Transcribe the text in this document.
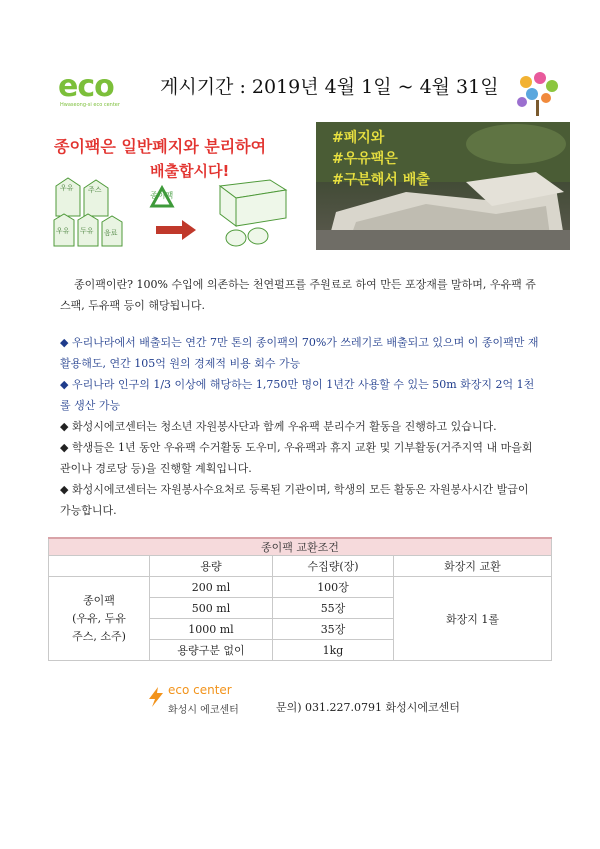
eco
Hwaseong-si eco center
게시기간 : 2019년 4월 1일 ~ 4월 31일
종이팩은 일반폐지와 분리하여
배출합시다!
우유 주스
우유 두유 음료
종이팩
#폐지와
#우유팩은
#구분해서 배출
종이팩이란? 100% 수입에 의존하는 천연펄프를 주원료로 하여 만든 포장재를 말하며, 우유팩 쥬스팩, 두유팩 등이 해당됩니다.
◆ 우리나라에서 배출되는 연간 7만 톤의 종이팩의 70%가 쓰레기로 배출되고 있으며 이 종이팩만 재활용해도, 연간 105억 원의 경제적 비용 회수 가능
◆ 우리나라 인구의 1/3 이상에 해당하는 1,750만 명이 1년간 사용할 수 있는 50m 화장지 2억 1천롤 생산 가능
◆ 화성시에코센터는 청소년 자원봉사단과 함께 우유팩 분리수거 활동을 진행하고 있습니다.
◆ 학생들은 1년 동안 우유팩 수거활동 도우미, 우유팩과 휴지 교환 및 기부활동(거주지역 내 마을회관이나 경로당 등)을 진행할 계획입니다.
◆ 화성시에코센터는 자원봉사수요처로 등록된 기관이며, 학생의 모든 활동은 자원봉사시간 발급이 가능합니다.
종이팩 교환조건			
	용량	수집량(장)	화장지 교환

종이팩
(우유, 두유
주스, 소주)	200 ml	100장	화장지 1롤
	500 ml	55장	
	1000 ml	35장	
	용량구분 없이	1kg	
eco center
화성시 에코센터	문의) 031.227.0791 화성시에코센터
